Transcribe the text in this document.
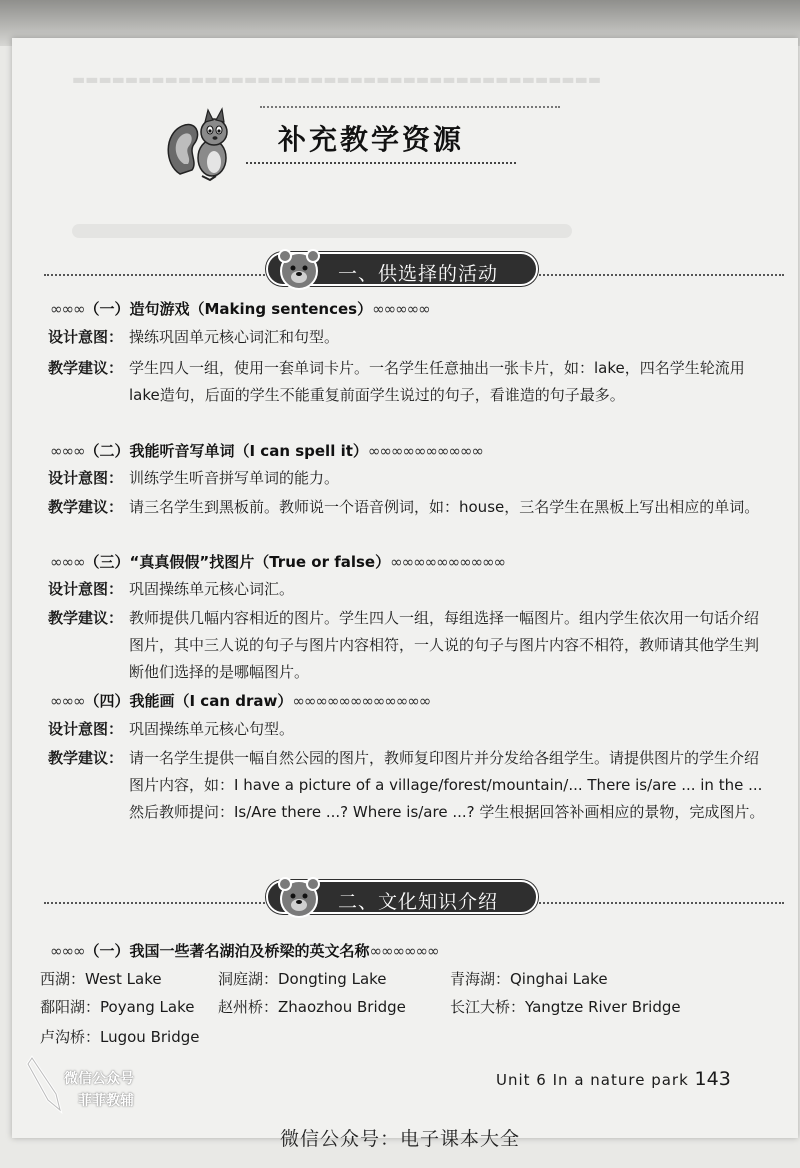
▬▬▬▬▬▬▬▬▬▬▬▬▬▬▬▬▬▬▬▬▬▬▬▬▬▬▬▬▬▬▬▬▬▬▬▬▬▬▬▬
补充教学资源
一、供选择的活动
∞∞∞（一）造句游戏（Making sentences）∞∞∞∞∞
设计意图： 操练巩固单元核心词汇和句型。
教学建议： 学生四人一组，使用一套单词卡片。一名学生任意抽出一张卡片，如：lake，四名学生轮流用lake造句，后面的学生不能重复前面学生说过的句子，看谁造的句子最多。
∞∞∞（二）我能听音写单词（I can spell it）∞∞∞∞∞∞∞∞∞∞
设计意图： 训练学生听音拼写单词的能力。
教学建议： 请三名学生到黑板前。教师说一个语音例词，如：house，三名学生在黑板上写出相应的单词。
∞∞∞（三）“真真假假”找图片（True or false）∞∞∞∞∞∞∞∞∞∞
设计意图： 巩固操练单元核心词汇。
教学建议： 教师提供几幅内容相近的图片。学生四人一组，每组选择一幅图片。组内学生依次用一句话介绍图片，其中三人说的句子与图片内容相符，一人说的句子与图片内容不相符，教师请其他学生判断他们选择的是哪幅图片。
∞∞∞（四）我能画（I can draw）∞∞∞∞∞∞∞∞∞∞∞∞
设计意图： 巩固操练单元核心句型。
教学建议： 请一名学生提供一幅自然公园的图片，教师复印图片并分发给各组学生。请提供图片的学生介绍图片内容，如：I have a picture of a village/forest/mountain/... There is/are ... in the ... 然后教师提问：Is/Are there ...? Where is/are ...? 学生根据回答补画相应的景物，完成图片。
二、文化知识介绍
∞∞∞（一）我国一些著名湖泊及桥梁的英文名称∞∞∞∞∞∞
西湖：West Lake	洞庭湖：Dongting Lake	青海湖：Qinghai Lake
鄱阳湖：Poyang Lake 赵州桥：Zhaozhou Bridge	长江大桥：Yangtze River Bridge
卢沟桥：Lugou Bridge
Unit 6 In a nature park 143
微信公众号
菲菲教辅
微信公众号：电子课本大全
